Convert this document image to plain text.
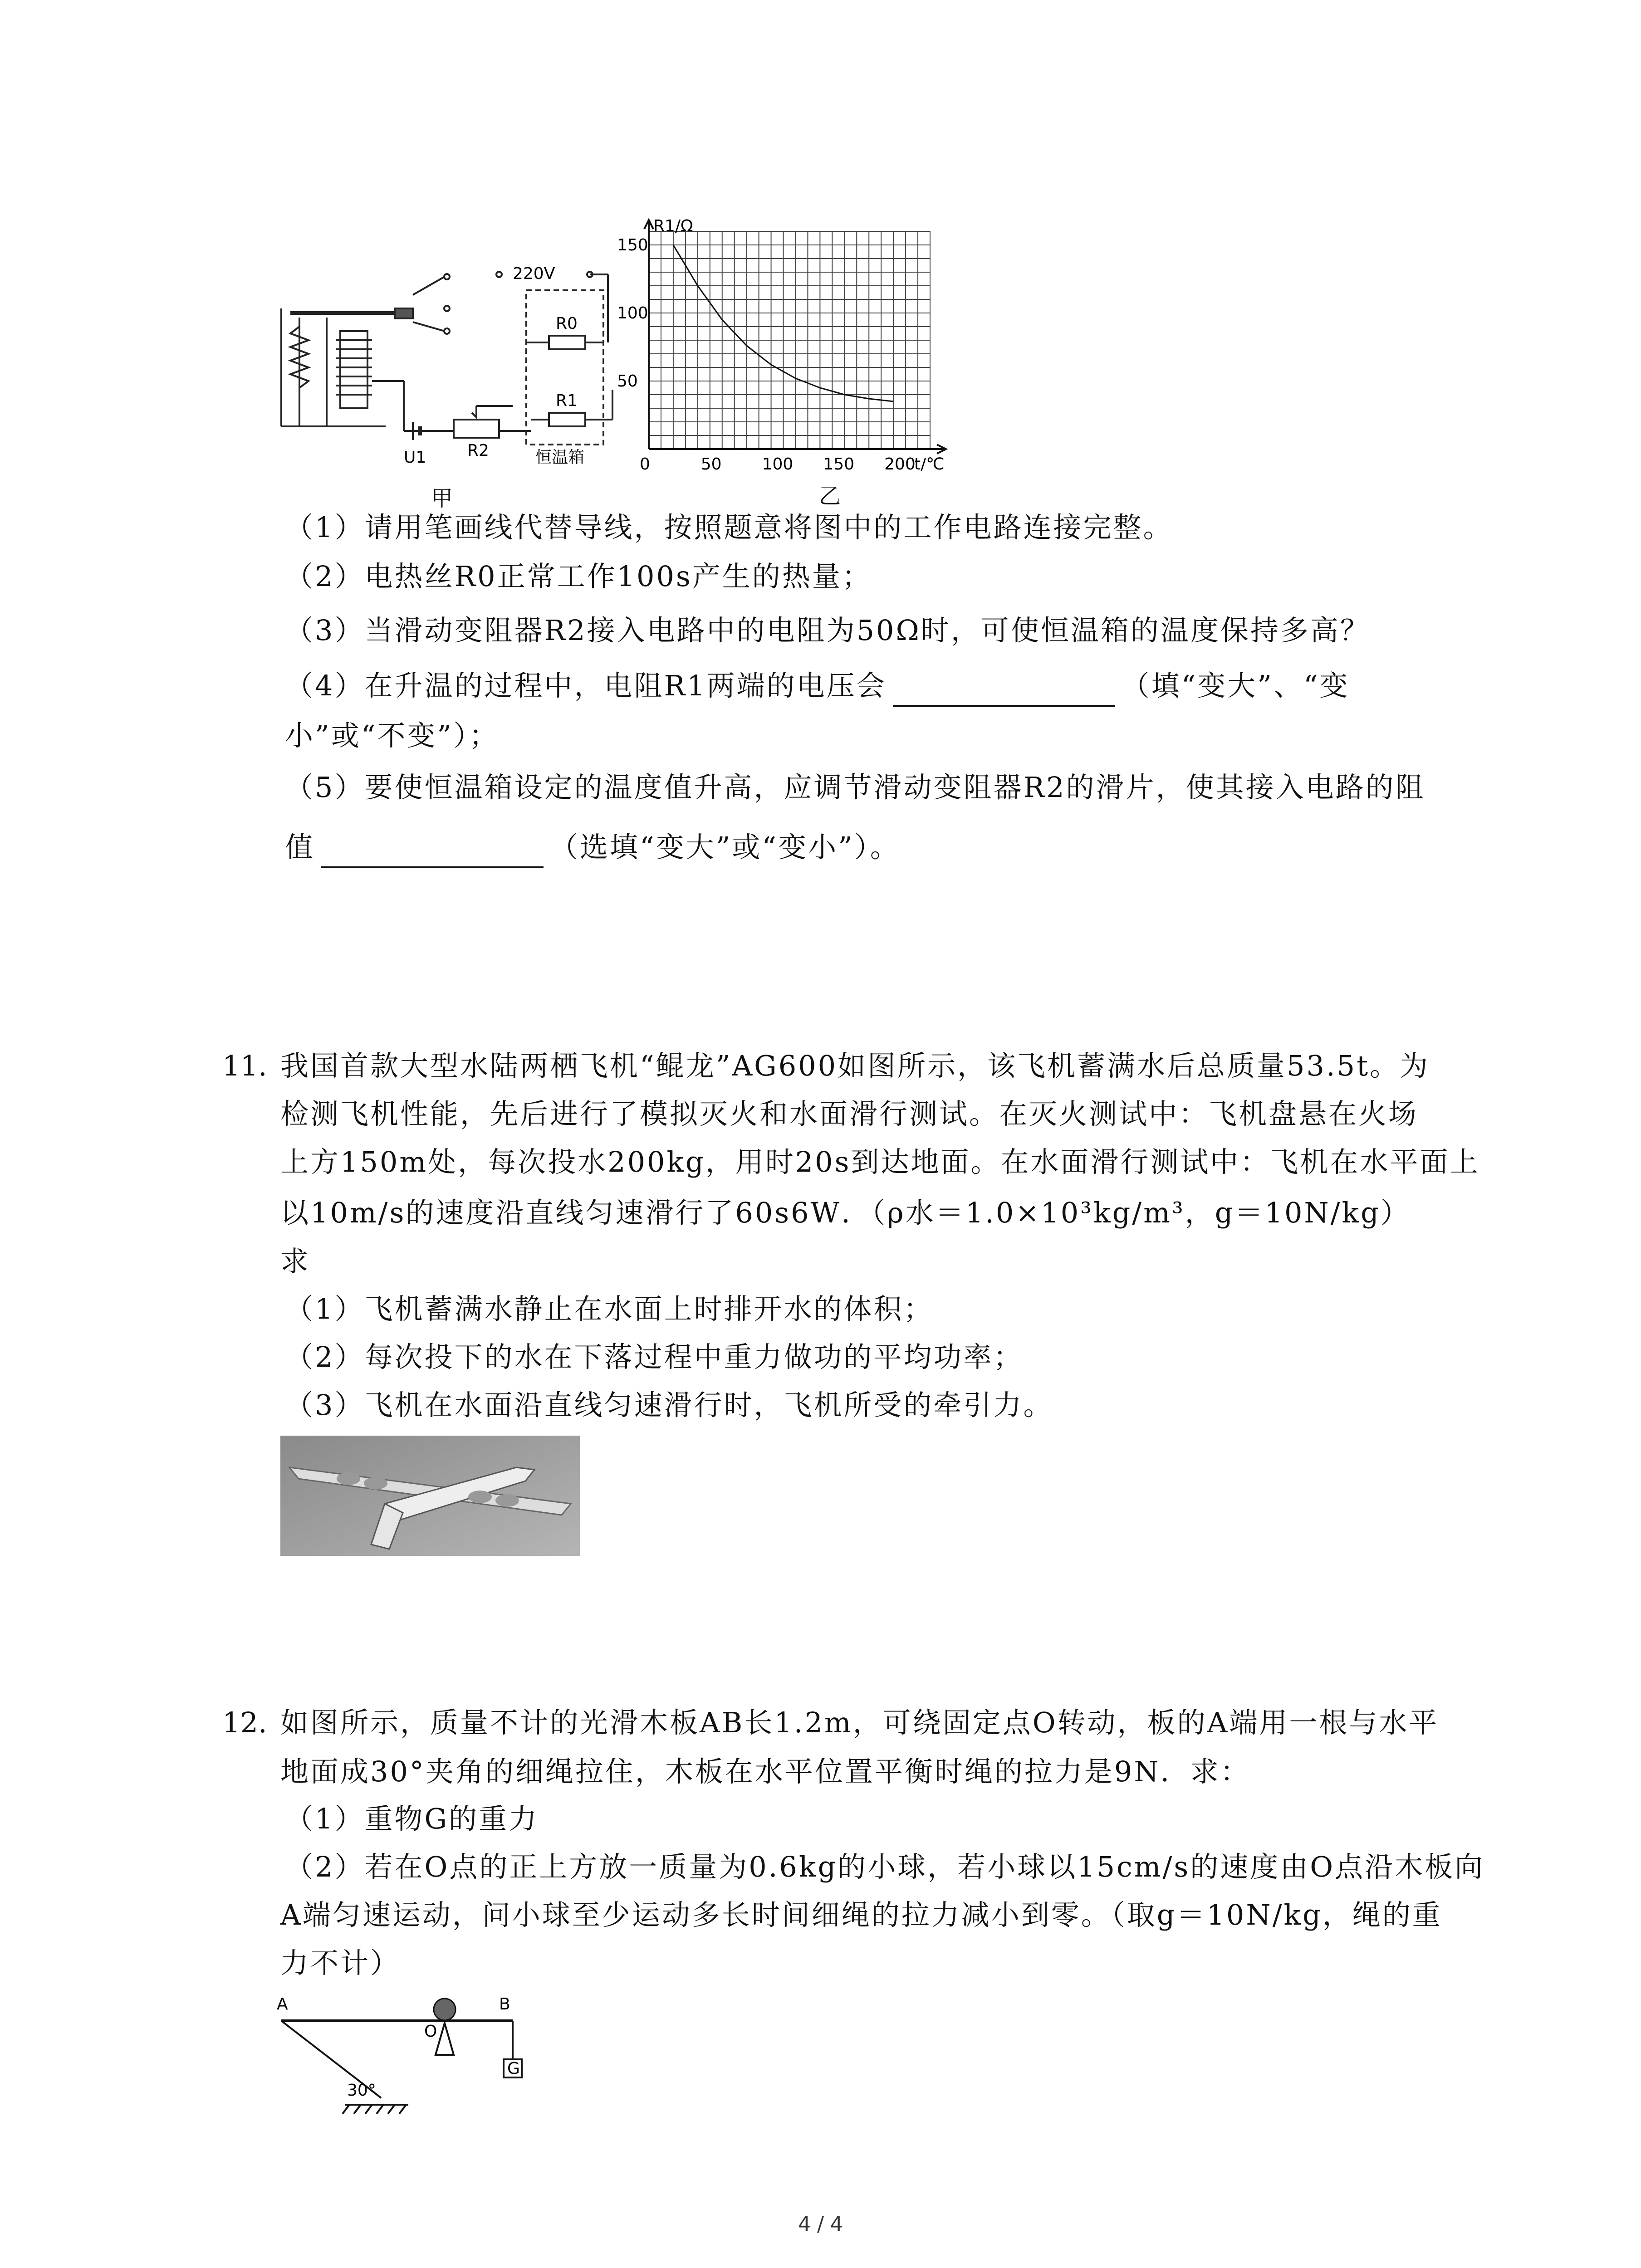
220V
R0
R1
U1	R2	恒温箱
甲
R1/Ω
t/℃
150
100
50
0	50 100 150 200
乙
（1）请用笔画线代替导线，按照题意将图中的工作电路连接完整。
（2）电热丝R0正常工作100s产生的热量；
（3）当滑动变阻器R2接入电路中的电阻为50Ω时，可使恒温箱的温度保持多高？
（4）在升温的过程中，电阻R1两端的电压会	（填“变大”、“变
小”或“不变”）；
（5）要使恒温箱设定的温度值升高，应调节滑动变阻器R2的滑片，使其接入电路的阻
值	（选填“变大”或“变小”）。
11. 我国首款大型水陆两栖飞机“鲲龙”AG600如图所示，该飞机蓄满水后总质量53.5t。为
检测飞机性能，先后进行了模拟灭火和水面滑行测试。在灭火测试中：飞机盘悬在火场
上方150m处，每次投水200kg，用时20s到达地面。在水面滑行测试中：飞机在水平面上
以10m/s的速度沿直线匀速滑行了60s6W．（ρ水＝1.0×10³kg/m³，g＝10N/kg）
求
（1）飞机蓄满水静止在水面上时排开水的体积；
（2）每次投下的水在下落过程中重力做功的平均功率；
（3）飞机在水面沿直线匀速滑行时，飞机所受的牵引力。
12. 如图所示，质量不计的光滑木板AB长1.2m，可绕固定点O转动，板的A端用一根与水平
地面成30°夹角的细绳拉住，木板在水平位置平衡时绳的拉力是9N．求：
（1）重物G的重力
（2）若在O点的正上方放一质量为0.6kg的小球，若小球以15cm/s的速度由O点沿木板向
A端匀速运动，问小球至少运动多长时间细绳的拉力减小到零。（取g＝10N/kg，绳的重
力不计）
A	B
O
G
30°
4 / 4
